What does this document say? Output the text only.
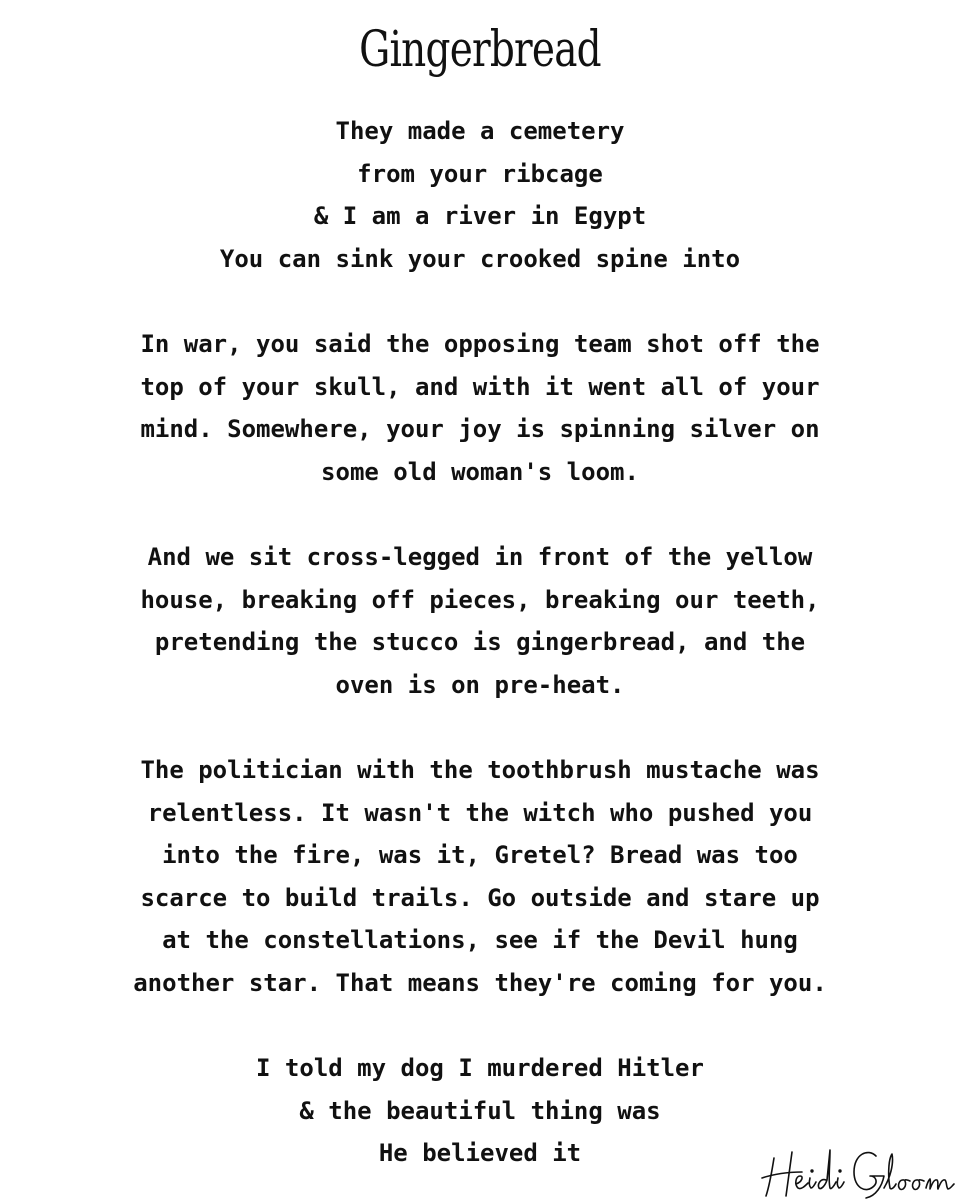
Gingerbread
They made a cemetery
from your ribcage
& I am a river in Egypt
You can sink your crooked spine into
In war, you said the opposing team shot off the
top of your skull, and with it went all of your
mind. Somewhere, your joy is spinning silver on
some old woman's loom.
And we sit cross-legged in front of the yellow
house, breaking off pieces, breaking our teeth,
pretending the stucco is gingerbread, and the
oven is on pre-heat.
The politician with the toothbrush mustache was
relentless. It wasn't the witch who pushed you
into the fire, was it, Gretel? Bread was too
scarce to build trails. Go outside and stare up
at the constellations, see if the Devil hung
another star. That means they're coming for you.
I told my dog I murdered Hitler
& the beautiful thing was
He believed it
